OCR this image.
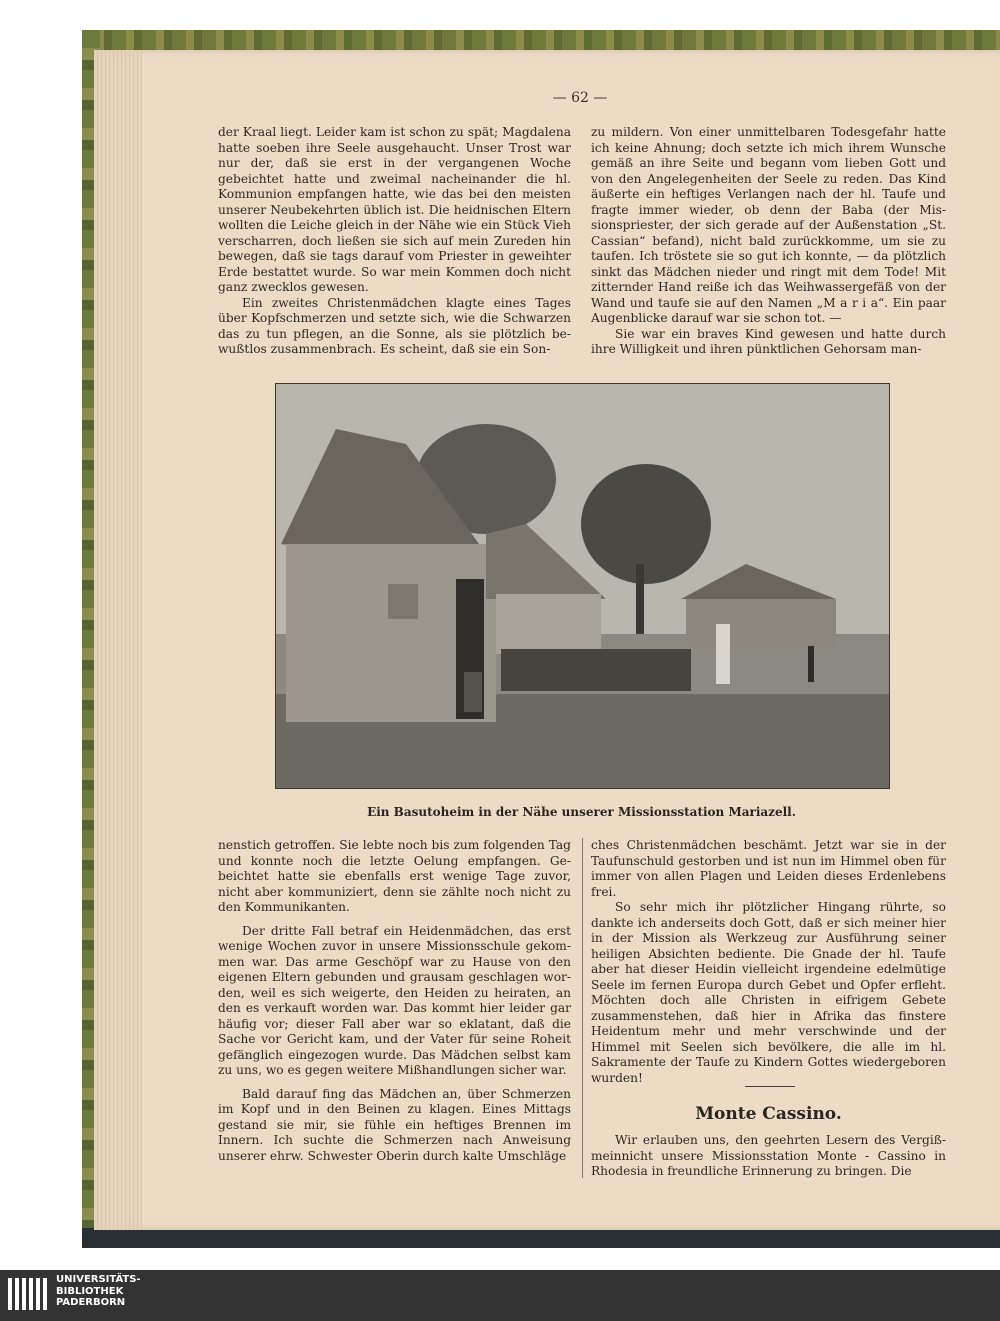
— 62 —

der Kraal liegt. Leider kam ist schon zu spät; Magdalena hatte soeben ihre Seele ausgehaucht. Unser Trost war nur der, daß sie erst in der vergangenen Woche gebeichtet hatte und zweimal nacheinander die hl. Kommunion empfangen hatte, wie das bei den meisten unserer Neubekehrten üblich ist. Die heidnischen Eltern wollten die Leiche gleich in der Nähe wie ein Stück Vieh verscharren, doch ließen sie sich auf mein Zureden hin bewegen, daß sie tags darauf vom Priester in geweihter Erde bestattet wurde. So war mein Kommen doch nicht ganz zwecklos gewesen.

Ein zweites Christenmädchen klagte eines Tages über Kopfschmerzen und setzte sich, wie die Schwarzen das zu tun pflegen, an die Sonne, als sie plötzlich bewußtlos zusammenbrach. Es scheint, daß sie ein Son-

zu mildern. Von einer unmittelbaren Todesgefahr hatte ich keine Ahnung; doch setzte ich mich ihrem Wunsche gemäß an ihre Seite und begann vom lieben Gott und von den Angelegenheiten der Seele zu reden. Das Kind äußerte ein heftiges Verlangen nach der hl. Taufe und fragte immer wieder, ob denn der Baba (der Missionspriester, der sich gerade auf der Außenstation „St. Cassian“ befand), nicht bald zurückkomme, um sie zu taufen. Ich tröstete sie so gut ich konnte, — da plötzlich sinkt das Mädchen nieder und ringt mit dem Tode! Mit zitternder Hand reiße ich das Weihwassergefäß von der Wand und taufe sie auf den Namen „M a r i a“. Ein paar Augenblicke darauf war sie schon tot. —

Sie war ein braves Kind gewesen und hatte durch ihre Willigkeit und ihren pünktlichen Gehorsam man-

Ein Basutoheim in der Nähe unserer Missionsstation Mariazell.

nenstich getroffen. Sie lebte noch bis zum folgenden Tag und konnte noch die letzte Oelung empfangen. Gebeichtet hatte sie ebenfalls erst wenige Tage zuvor, nicht aber kommuniziert, denn sie zählte noch nicht zu den Kommunikanten.

Der dritte Fall betraf ein Heidenmädchen, das erst wenige Wochen zuvor in unsere Missionsschule gekommen war. Das arme Geschöpf war zu Hause von den eigenen Eltern gebunden und grausam geschlagen worden, weil es sich weigerte, den Heiden zu heiraten, an den es verkauft worden war. Das kommt hier leider gar häufig vor; dieser Fall aber war so eklatant, daß die Sache vor Gericht kam, und der Vater für seine Roheit gefänglich eingezogen wurde. Das Mädchen selbst kam zu uns, wo es gegen weitere Mißhandlungen sicher war.

Bald darauf fing das Mädchen an, über Schmerzen im Kopf und in den Beinen zu klagen. Eines Mittags gestand sie mir, sie fühle ein heftiges Brennen im Innern. Ich suchte die Schmerzen nach Anweisung unserer ehrw. Schwester Oberin durch kalte Umschläge

ches Christenmädchen beschämt. Jetzt war sie in der Taufunschuld gestorben und ist nun im Himmel oben für immer von allen Plagen und Leiden dieses Erdenlebens frei.

So sehr mich ihr plötzlicher Hingang rührte, so dankte ich anderseits doch Gott, daß er sich meiner hier in der Mission als Werkzeug zur Ausführung seiner heiligen Absichten bediente. Die Gnade der hl. Taufe aber hat dieser Heidin vielleicht irgendeine edelmütige Seele im fernen Europa durch Gebet und Opfer erfleht. Möchten doch alle Christen in eifrigem Gebete zusammenstehen, daß hier in Afrika das finstere Heidentum mehr und mehr verschwinde und der Himmel mit Seelen sich bevölkere, die alle im hl. Sakramente der Taufe zu Kindern Gottes wiedergeboren wurden!

Monte Cassino.

Wir erlauben uns, den geehrten Lesern des Vergißmeinnicht unsere Missionsstation Monte - Cassino in Rhodesia in freundliche Erinnerung zu bringen. Die

UNIVERSITÄTS-
BIBLIOTHEK
PADERBORN
